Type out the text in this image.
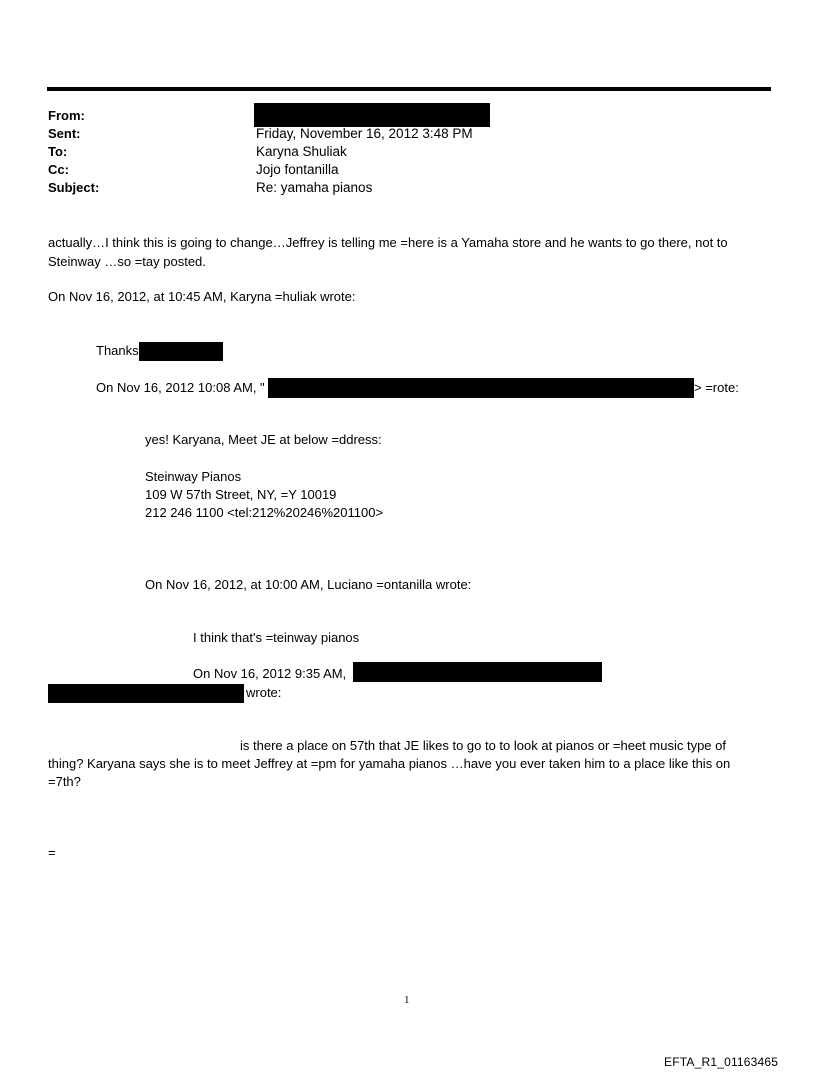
From:
Sent:	Friday, November 16, 2012 3:48 PM
To:	Karyna Shuliak
Cc:	Jojo fontanilla
Subject:	Re: yamaha pianos
actually…I think this is going to change…Jeffrey is telling me =here is a Yamaha store and he wants to go there, not to
Steinway …so =tay posted.
On Nov 16, 2012, at 10:45 AM, Karyna =huliak wrote:
Thanks
On Nov 16, 2012 10:08 AM, "	> =rote:
yes! Karyana, Meet JE at below =ddress:
Steinway Pianos
109 W 57th Street, NY, =Y 10019
212 246 1100 <tel:212%20246%201100>
On Nov 16, 2012, at 10:00 AM, Luciano =ontanilla wrote:
I think that's =teinway pianos
On Nov 16, 2012 9:35 AM,
wrote:
is there a place on 57th that JE likes to go to to look at pianos or =heet music type of
thing? Karyana says she is to meet Jeffrey at =pm for yamaha pianos …have you ever taken him to a place like this on
=7th?
=
1
EFTA_R1_01163465
